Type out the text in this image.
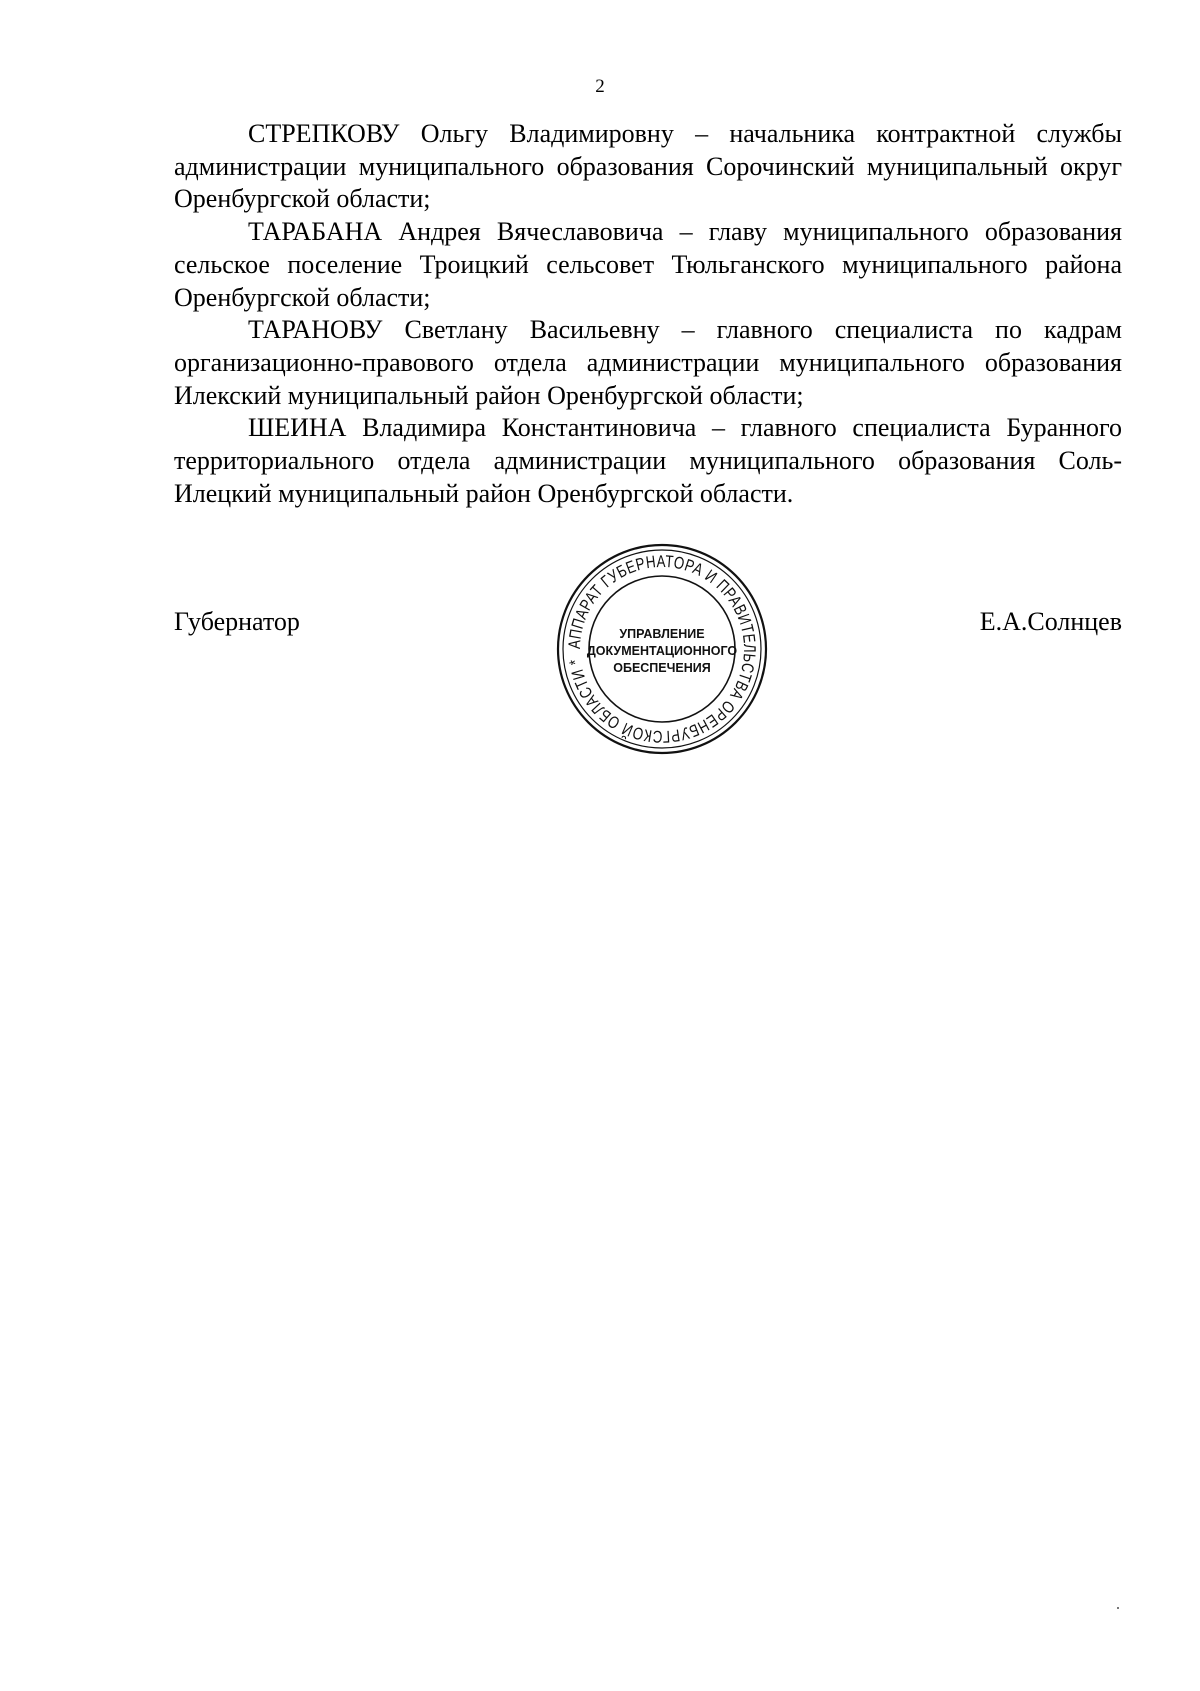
2

СТРЕПКОВУ Ольгу Владимировну – начальника контрактной службы администрации муниципального образования Сорочинский муниципальный округ Оренбургской области;

ТАРАБАНА Андрея Вячеславовича – главу муниципального образования сельское поселение Троицкий сельсовет Тюльганского муниципального района Оренбургской области;

ТАРАНОВУ Светлану Васильевну – главного специалиста по кадрам организационно-правового отдела администрации муниципального образования Илекский муниципальный район Оренбургской области;

ШЕИНА Владимира Константиновича – главного специалиста Буранного территориального отдела администрации муниципального образования Соль-Илецкий муниципальный район Оренбургской области.

Губернатор	Е.А.Солнцев
АППАРАТ ГУБЕРНАТОРА И ПРАВИТЕЛЬСТВА ОРЕНБУРГСКОЙ ОБЛАСТИ *
УПРАВЛЕНИЕ
ДОКУМЕНТАЦИОННОГО
ОБЕСПЕЧЕНИЯ
